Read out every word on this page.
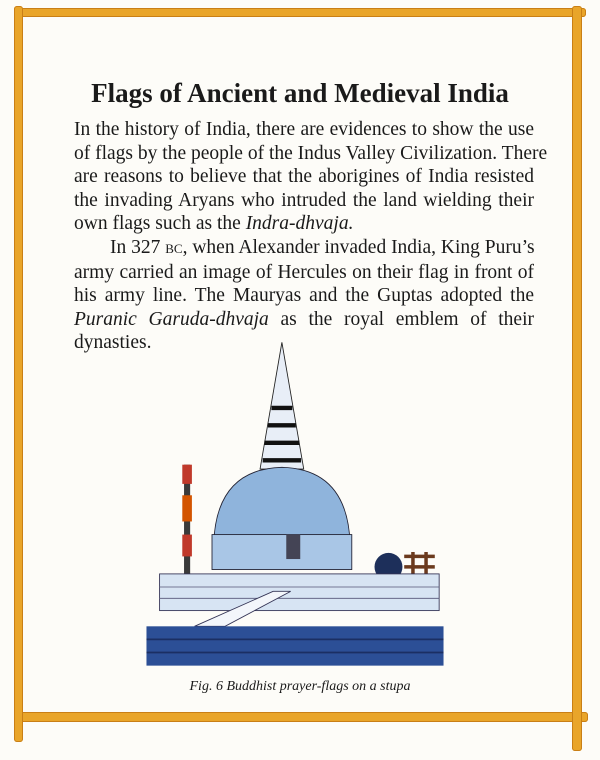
Flags of Ancient and Medieval India
In the history of India, there are evidences to show the use
of flags by the people of the Indus Valley Civilization. There
are reasons to believe that the aborigines of India resisted
the invading Aryans who intruded the land wielding their
own flags such as the Indra-dhvaja.
In 327 BC, when Alexander invaded India, King Puru’s
army carried an image of Hercules on their flag in front of
his army line. The Mauryas and the Guptas adopted the
Puranic Garuda-dhvaja as the royal emblem of their
dynasties.
Fig. 6 Buddhist prayer-flags on a stupa
